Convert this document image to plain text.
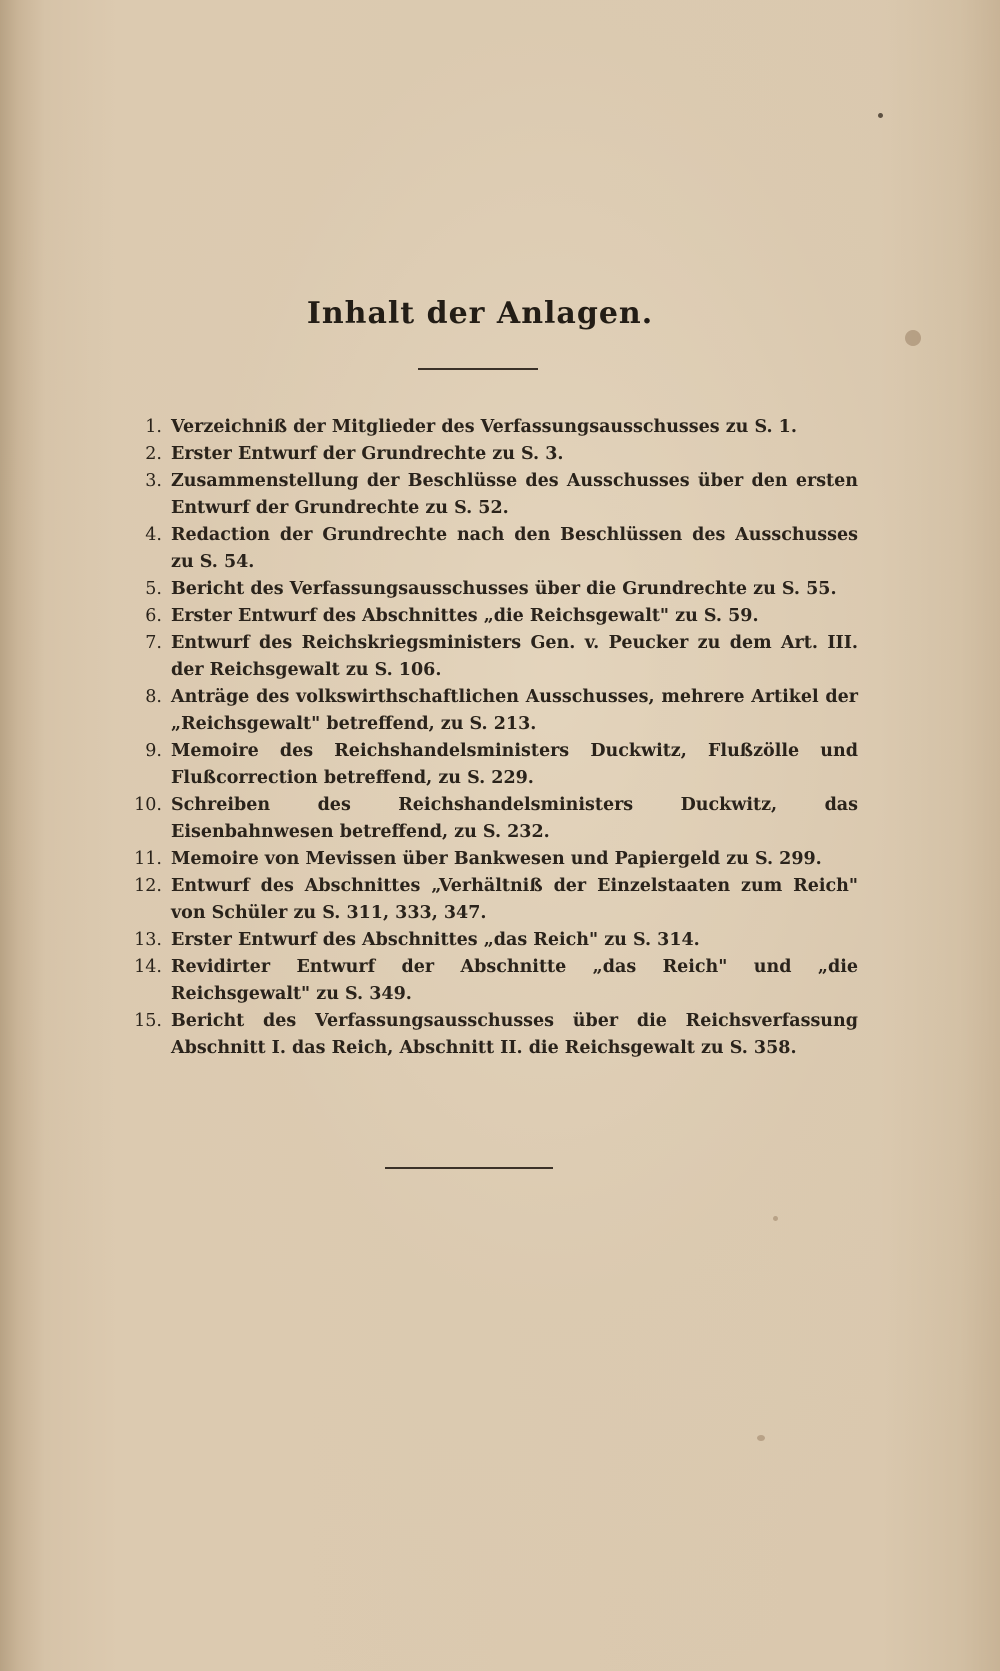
Inhalt der Anlagen.
1. Verzeichniß der Mitglieder des Verfassungsausschusses zu S. 1.
2. Erster Entwurf der Grundrechte zu S. 3.
3. Zusammenstellung der Beschlüsse des Ausschusses über den ersten Entwurf der Grundrechte zu S. 52.
4. Redaction der Grundrechte nach den Beschlüssen des Ausschusses zu S. 54.
5. Bericht des Verfassungsausschusses über die Grundrechte zu S. 55.
6. Erster Entwurf des Abschnittes „die Reichsgewalt" zu S. 59.
7. Entwurf des Reichskriegsministers Gen. v. Peucker zu dem Art. III. der Reichsgewalt zu S. 106.
8. Anträge des volkswirthschaftlichen Ausschusses, mehrere Artikel der „Reichsgewalt" betreffend, zu S. 213.
9. Memoire des Reichshandelsministers Duckwitz, Flußzölle und Flußcorrection betreffend, zu S. 229.
10. Schreiben des Reichshandelsministers Duckwitz, das Eisenbahnwesen betreffend, zu S. 232.
11. Memoire von Mevissen über Bankwesen und Papiergeld zu S. 299.
12. Entwurf des Abschnittes „Verhältniß der Einzelstaaten zum Reich" von Schüler zu S. 311, 333, 347.
13. Erster Entwurf des Abschnittes „das Reich" zu S. 314.
14. Revidirter Entwurf der Abschnitte „das Reich" und „die Reichsgewalt" zu S. 349.
15. Bericht des Verfassungsausschusses über die Reichsverfassung Abschnitt I. das Reich, Abschnitt II. die Reichsgewalt zu S. 358.
